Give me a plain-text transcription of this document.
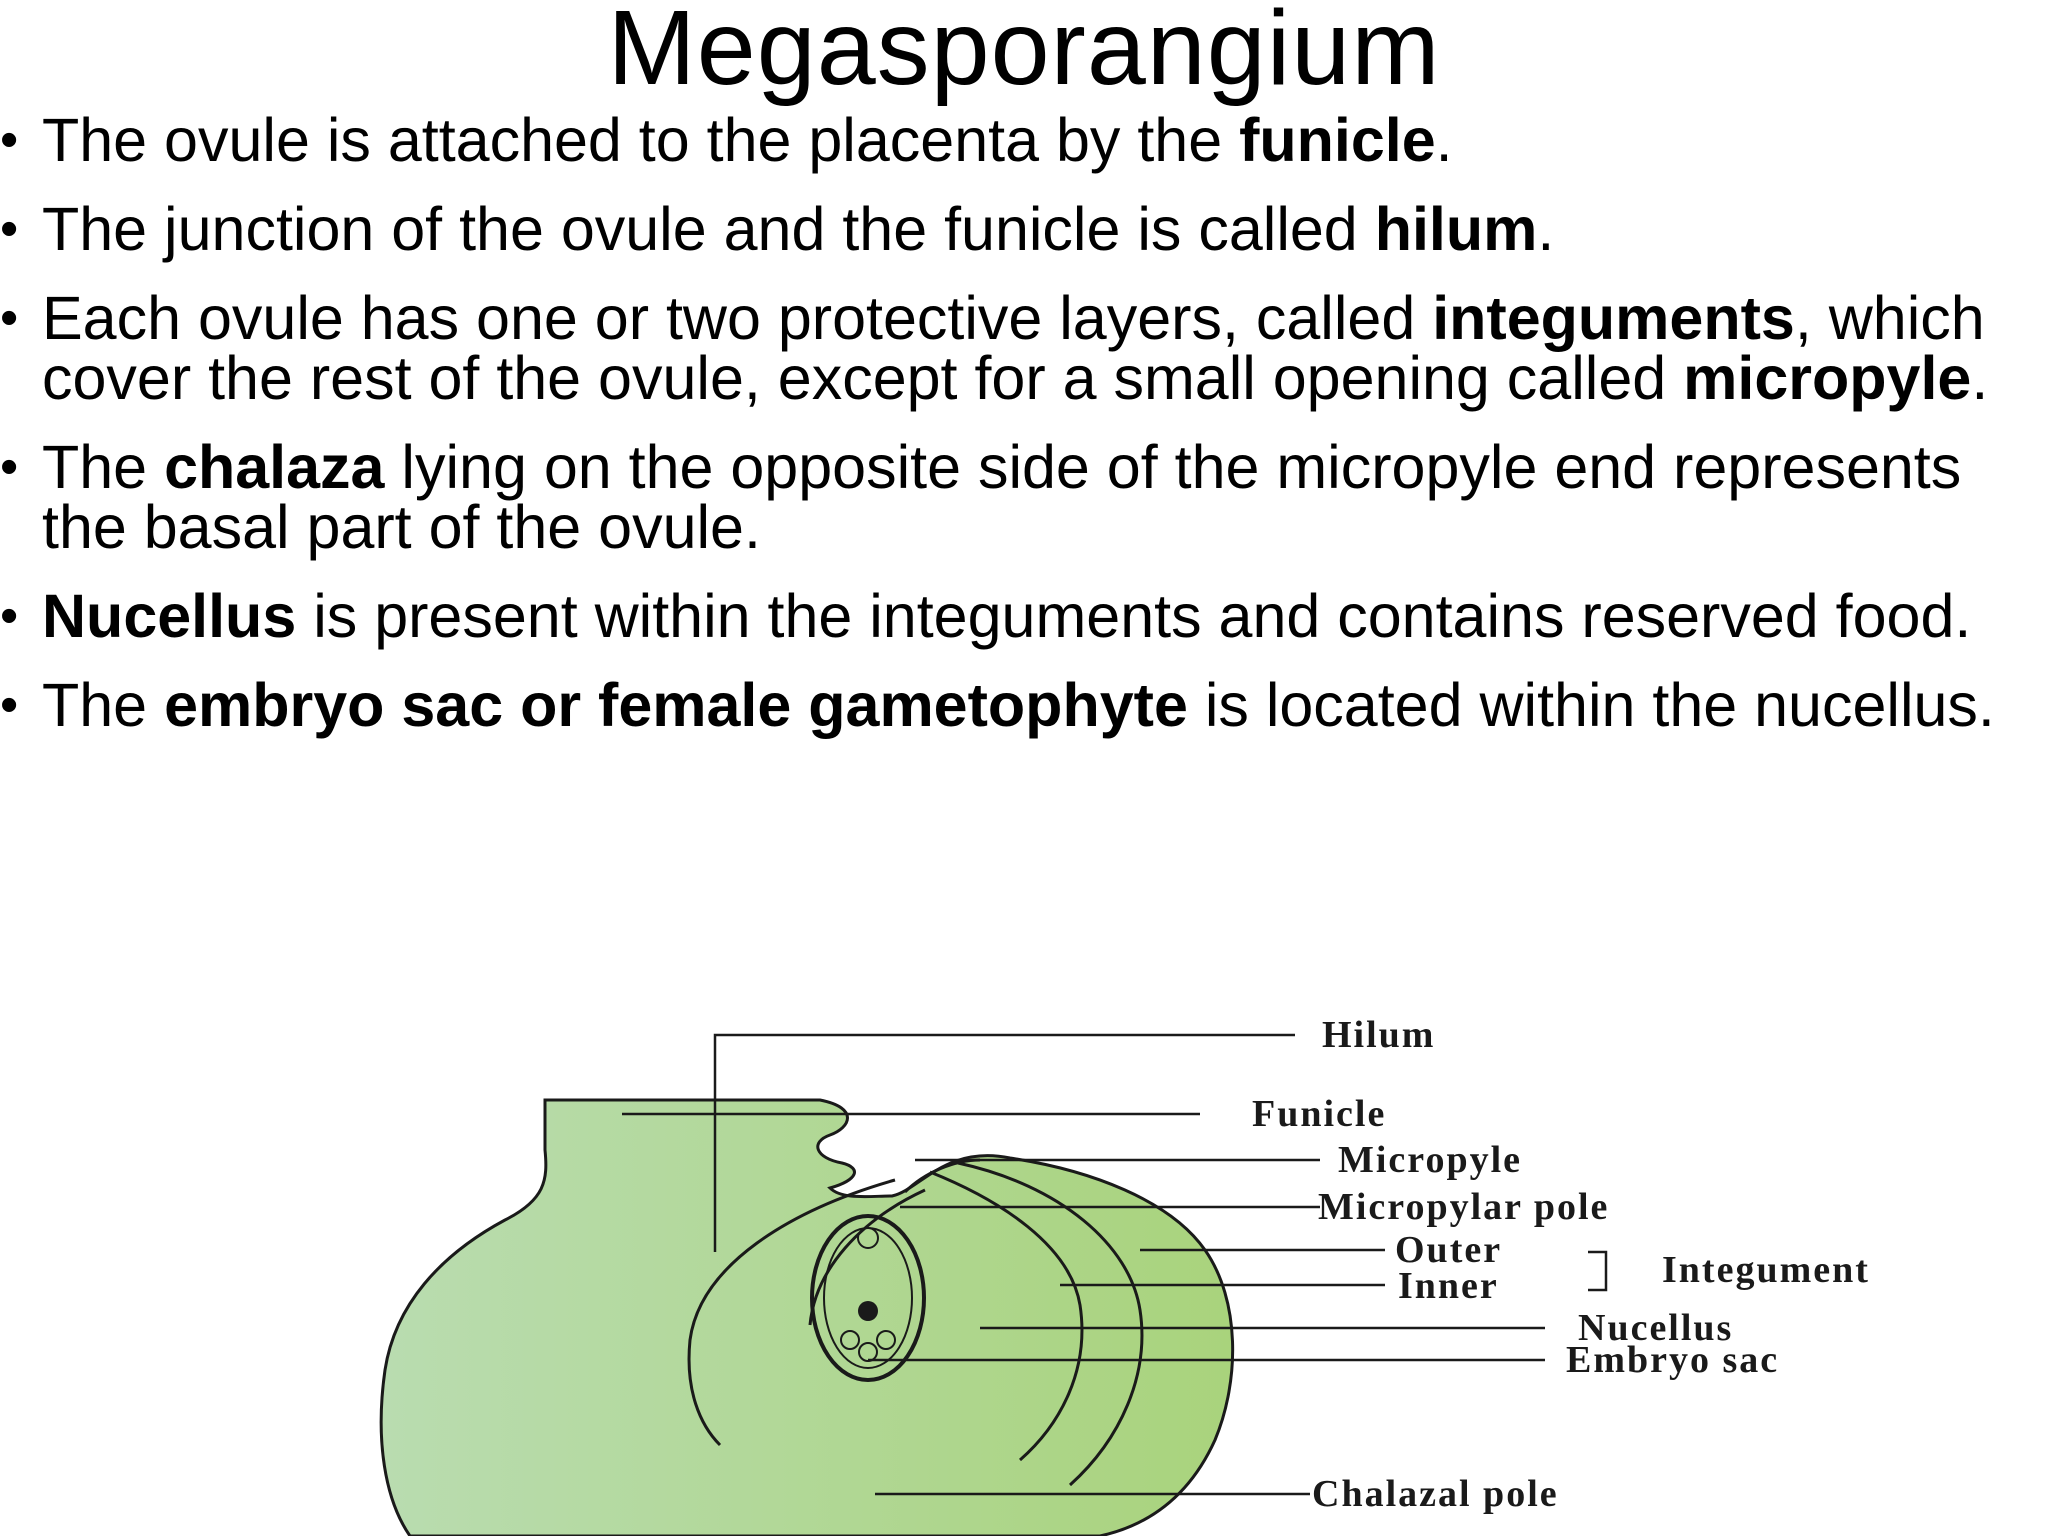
Megasporangium
• The ovule is attached to the placenta by the funicle.
• The junction of the ovule and the funicle is called hilum.
• Each ovule has one or two protective layers, called integuments, which cover the rest of the ovule, except for a small opening called micropyle.
• The chalaza lying on the opposite side of the micropyle end represents the basal part of the ovule.
• Nucellus is present within the integuments and contains reserved food.
• The embryo sac or female gametophyte is located within the nucellus.
Hilum
Funicle
Micropyle
Micropylar pole
Outer
Inner	Integument
Nucellus
Embryo sac
Chalazal pole
